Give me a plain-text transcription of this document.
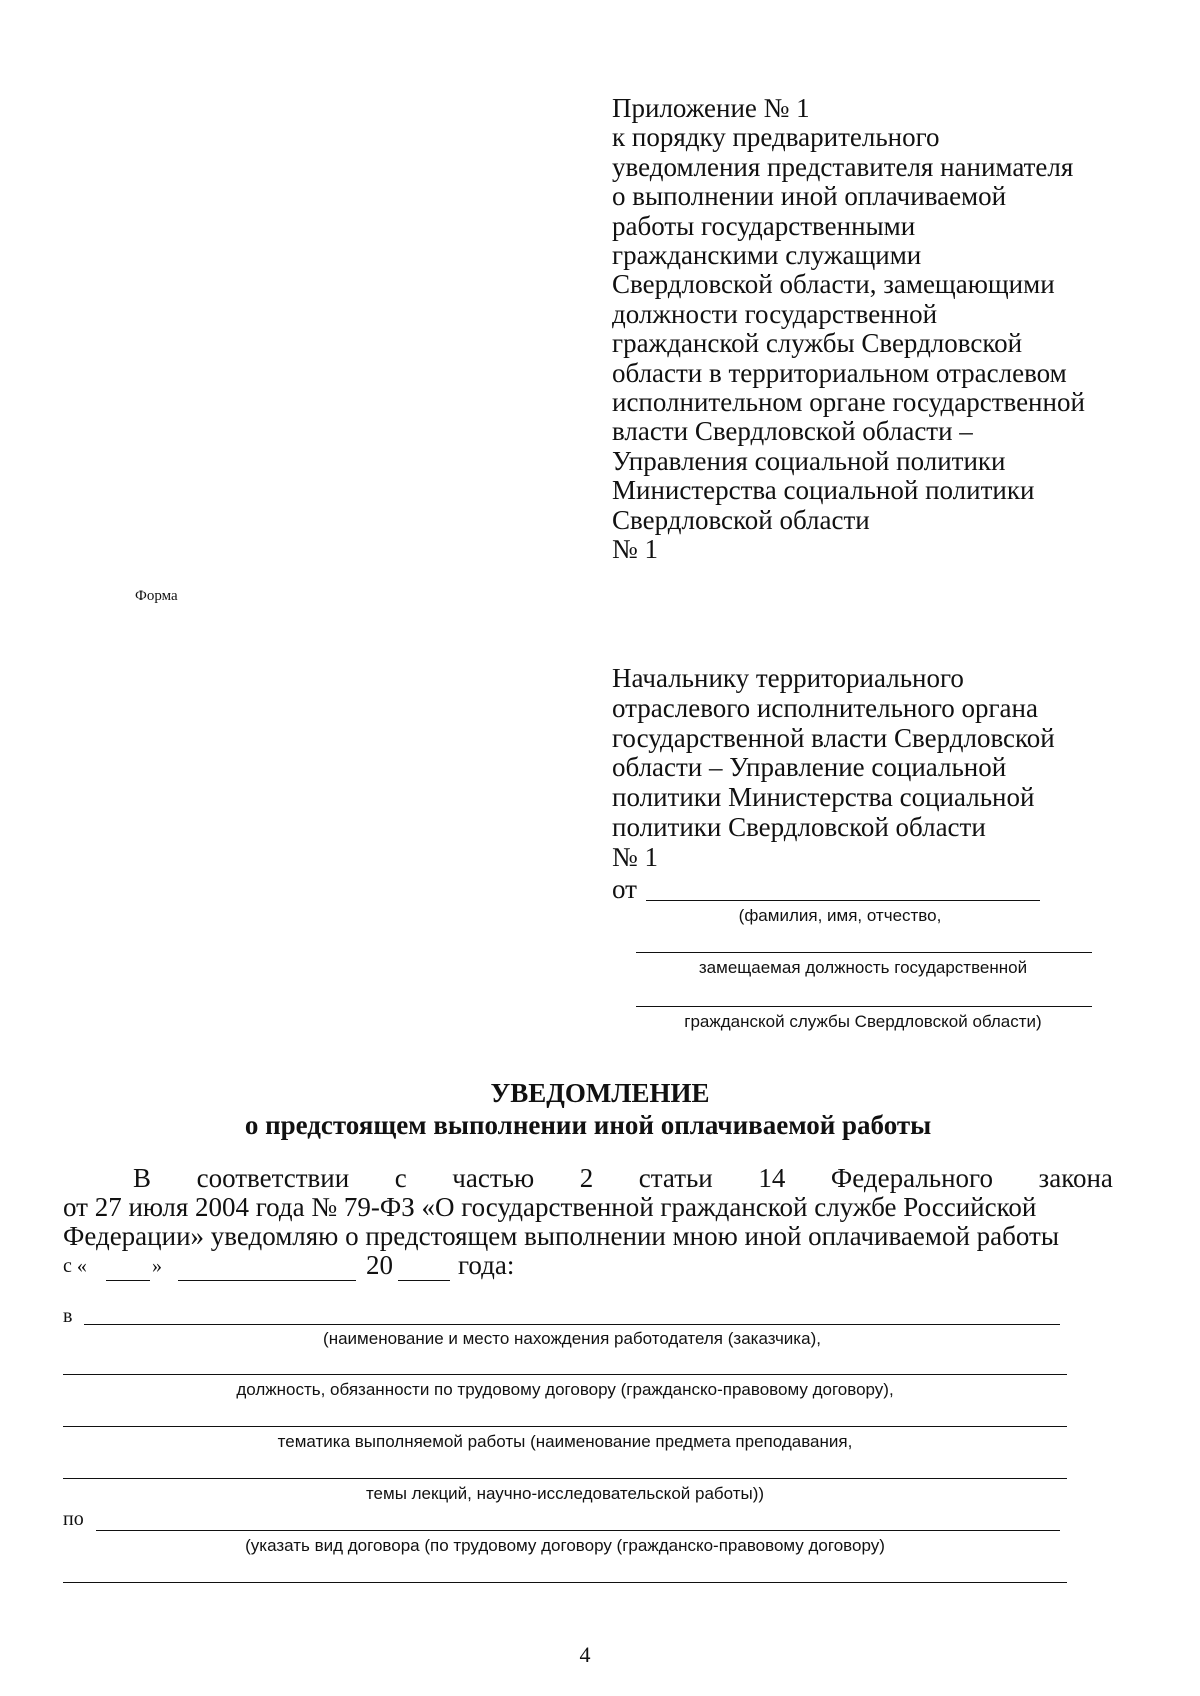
Приложение № 1
к порядку предварительного
уведомления представителя нанимателя
о выполнении иной оплачиваемой
работы государственными
гражданскими служащими
Свердловской области, замещающими
должности государственной
гражданской службы Свердловской
области в территориальном отраслевом
исполнительном органе государственной
власти Свердловской области –
Управления социальной политики
Министерства социальной политики
Свердловской области
№ 1
Форма
Начальнику территориального
отраслевого исполнительного органа
государственной власти Свердловской
области – Управление социальной
политики Министерства социальной
политики Свердловской области
№ 1
от
(фамилия, имя, отчество,
замещаемая должность государственной
гражданской службы Свердловской области)
УВЕДОМЛЕНИЕ
о предстоящем выполнении иной оплачиваемой работы
В соответствии с частью 2 статьи 14 Федерального закона
от 27 июля 2004 года № 79-ФЗ «О государственной гражданской службе Российской
Федерации» уведомляю о предстоящем выполнении мною иной оплачиваемой работы
с «	»	20 года:
в
(наименование и место нахождения работодателя (заказчика),
должность, обязанности по трудовому договору (гражданско-правовому договору),
тематика выполняемой работы (наименование предмета преподавания,
темы лекций, научно-исследовательской работы))
по
(указать вид договора (по трудовому договору (гражданско-правовому договору)
4
